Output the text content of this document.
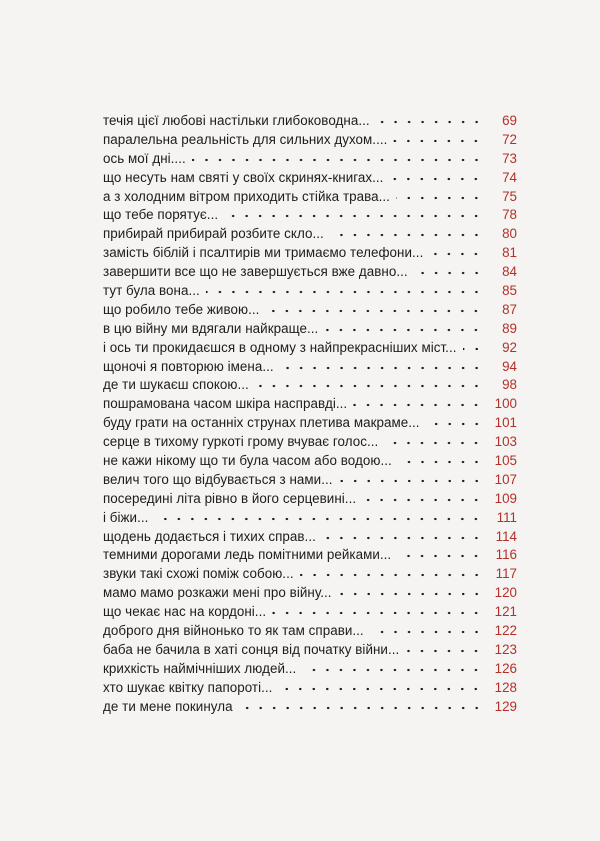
течія цієї любові настільки глибоководна...	69
паралельна реальність для сильних духом....	72
ось мої дні....	73
що несуть нам святі у своїх скринях-книгах...	74
а з холодним вітром приходить стійка трава...	75
що тебе порятує...	78
прибирай прибирай розбите скло...	80
замість біблій і псалтирів ми тримаємо телефони...	81
завершити все що не завершується вже давно...	84
тут була вона...	85
що робило тебе живою...	87
в цю війну ми вдягали найкраще...	89
і ось ти прокидаєшся в одному з найпрекрасніших міст...	92
щоночі я повторюю імена...	94
де ти шукаєш спокою...	98
пошрамована часом шкіра насправді...	100
буду грати на останніх струнах плетива макраме...	101
серце в тихому гуркоті грому вчуває голос...	103
не кажи нікому що ти була часом або водою...	105
велич того що відбувається з нами...	107
посередині літа рівно в його серцевині...	109
і біжи...	111
щодень додається і тихих справ...	114
темними дорогами ледь помітними рейками...	116
звуки такі схожі поміж собою...	117
мамо мамо розкажи мені про війну...	120
що чекає нас на кордоні...	121
доброго дня війнонько то як там справи...	122
баба не бачила в хаті сонця від початку війни...	123
крихкість наймічніших людей...	126
хто шукає квітку папороті...	128
де ти мене покинула	129
